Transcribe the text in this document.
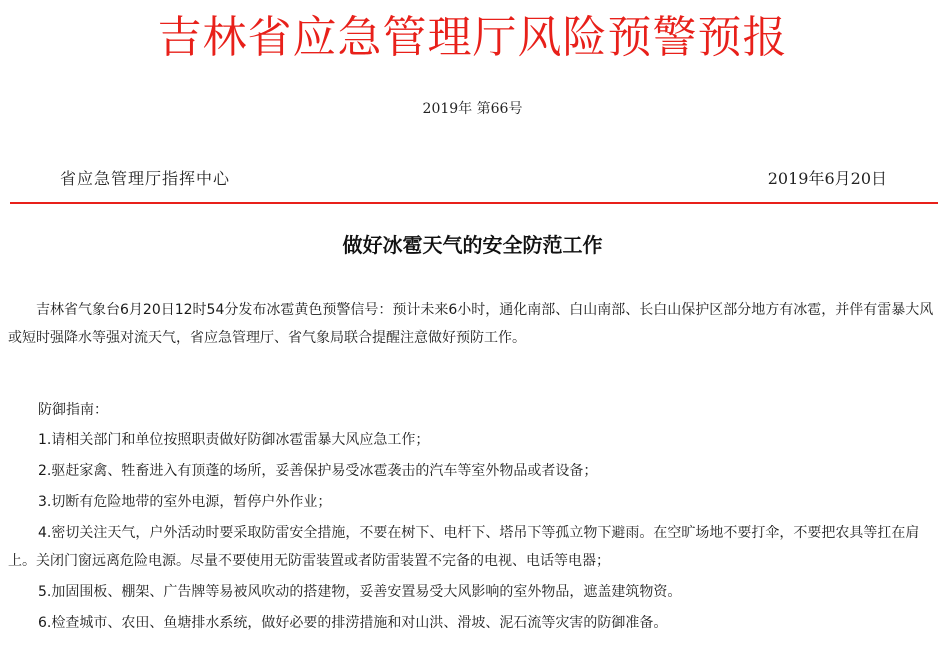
吉林省应急管理厅风险预警预报
2019年 第66号
省应急管理厅指挥中心	2019年6月20日
做好冰雹天气的安全防范工作

吉林省气象台6月20日12时54分发布冰雹黄色预警信号：预计未来6小时，通化南部、白山南部、长白山保护区部分地方有冰雹，并伴有雷暴大风或短时强降水等强对流天气，省应急管理厅、省气象局联合提醒注意做好预防工作。

防御指南：

1.请相关部门和单位按照职责做好防御冰雹雷暴大风应急工作；

2.驱赶家禽、牲畜进入有顶蓬的场所，妥善保护易受冰雹袭击的汽车等室外物品或者设备；

3.切断有危险地带的室外电源，暂停户外作业；

4.密切关注天气，户外活动时要采取防雷安全措施，不要在树下、电杆下、塔吊下等孤立物下避雨。在空旷场地不要打伞，不要把农具等扛在肩上。关闭门窗远离危险电源。尽量不要使用无防雷装置或者防雷装置不完备的电视、电话等电器；

5.加固围板、棚架、广告牌等易被风吹动的搭建物，妥善安置易受大风影响的室外物品，遮盖建筑物资。

6.检查城市、农田、鱼塘排水系统，做好必要的排涝措施和对山洪、滑坡、泥石流等灾害的防御准备。
